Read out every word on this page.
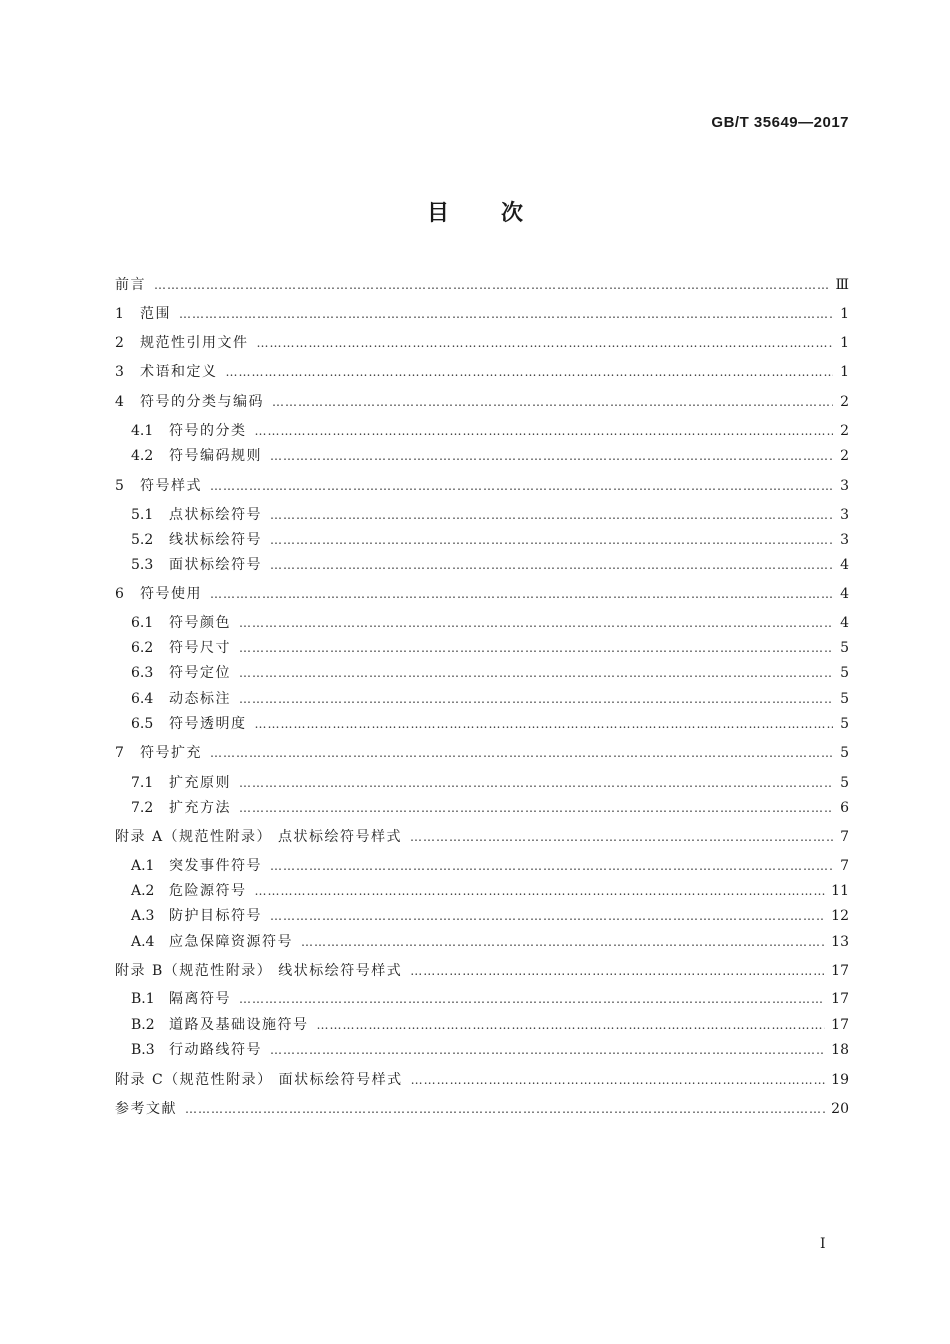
GB/T 35649—2017
目 次
前言 ……………………………………………………………………………………………………………………………………………………………………………………………………………………	Ⅲ
1	范围 ……………………………………………………………………………………………………………………………………………………………………………………………………………………	1
2	规范性引用文件 ……………………………………………………………………………………………………………………………………………………………………………………………………………………	1
3	术语和定义 ……………………………………………………………………………………………………………………………………………………………………………………………………………………	1
4	符号的分类与编码 ……………………………………………………………………………………………………………………………………………………………………………………………………………………	2
4.1	符号的分类 ……………………………………………………………………………………………………………………………………………………………………………………………………………………	2
4.2	符号编码规则 ……………………………………………………………………………………………………………………………………………………………………………………………………………………	2
5	符号样式 ……………………………………………………………………………………………………………………………………………………………………………………………………………………	3
5.1	点状标绘符号 ……………………………………………………………………………………………………………………………………………………………………………………………………………………	3
5.2	线状标绘符号 ……………………………………………………………………………………………………………………………………………………………………………………………………………………	3
5.3	面状标绘符号 ……………………………………………………………………………………………………………………………………………………………………………………………………………………	4
6	符号使用 ……………………………………………………………………………………………………………………………………………………………………………………………………………………	4
6.1	符号颜色 ……………………………………………………………………………………………………………………………………………………………………………………………………………………	4
6.2	符号尺寸 ……………………………………………………………………………………………………………………………………………………………………………………………………………………	5
6.3	符号定位 ……………………………………………………………………………………………………………………………………………………………………………………………………………………	5
6.4	动态标注 ……………………………………………………………………………………………………………………………………………………………………………………………………………………	5
6.5	符号透明度 ……………………………………………………………………………………………………………………………………………………………………………………………………………………	5
7	符号扩充 ……………………………………………………………………………………………………………………………………………………………………………………………………………………	5
7.1	扩充原则 ……………………………………………………………………………………………………………………………………………………………………………………………………………………	5
7.2	扩充方法 ……………………………………………………………………………………………………………………………………………………………………………………………………………………	6
附录 A（规范性附录） 点状标绘符号样式 ……………………………………………………………………………………………………………………………………………………………………………………………………………………	7
A.1	突发事件符号 ……………………………………………………………………………………………………………………………………………………………………………………………………………………	7
A.2	危险源符号 ……………………………………………………………………………………………………………………………………………………………………………………………………………………	11
A.3	防护目标符号 ……………………………………………………………………………………………………………………………………………………………………………………………………………………	12
A.4	应急保障资源符号 ……………………………………………………………………………………………………………………………………………………………………………………………………………………	13
附录 B（规范性附录） 线状标绘符号样式 ……………………………………………………………………………………………………………………………………………………………………………………………………………………	17
B.1	隔离符号 ……………………………………………………………………………………………………………………………………………………………………………………………………………………	17
B.2	道路及基础设施符号 ……………………………………………………………………………………………………………………………………………………………………………………………………………………	17
B.3	行动路线符号 ……………………………………………………………………………………………………………………………………………………………………………………………………………………	18
附录 C（规范性附录） 面状标绘符号样式 ……………………………………………………………………………………………………………………………………………………………………………………………………………………	19
参考文献 ……………………………………………………………………………………………………………………………………………………………………………………………………………………	20
Ⅰ
